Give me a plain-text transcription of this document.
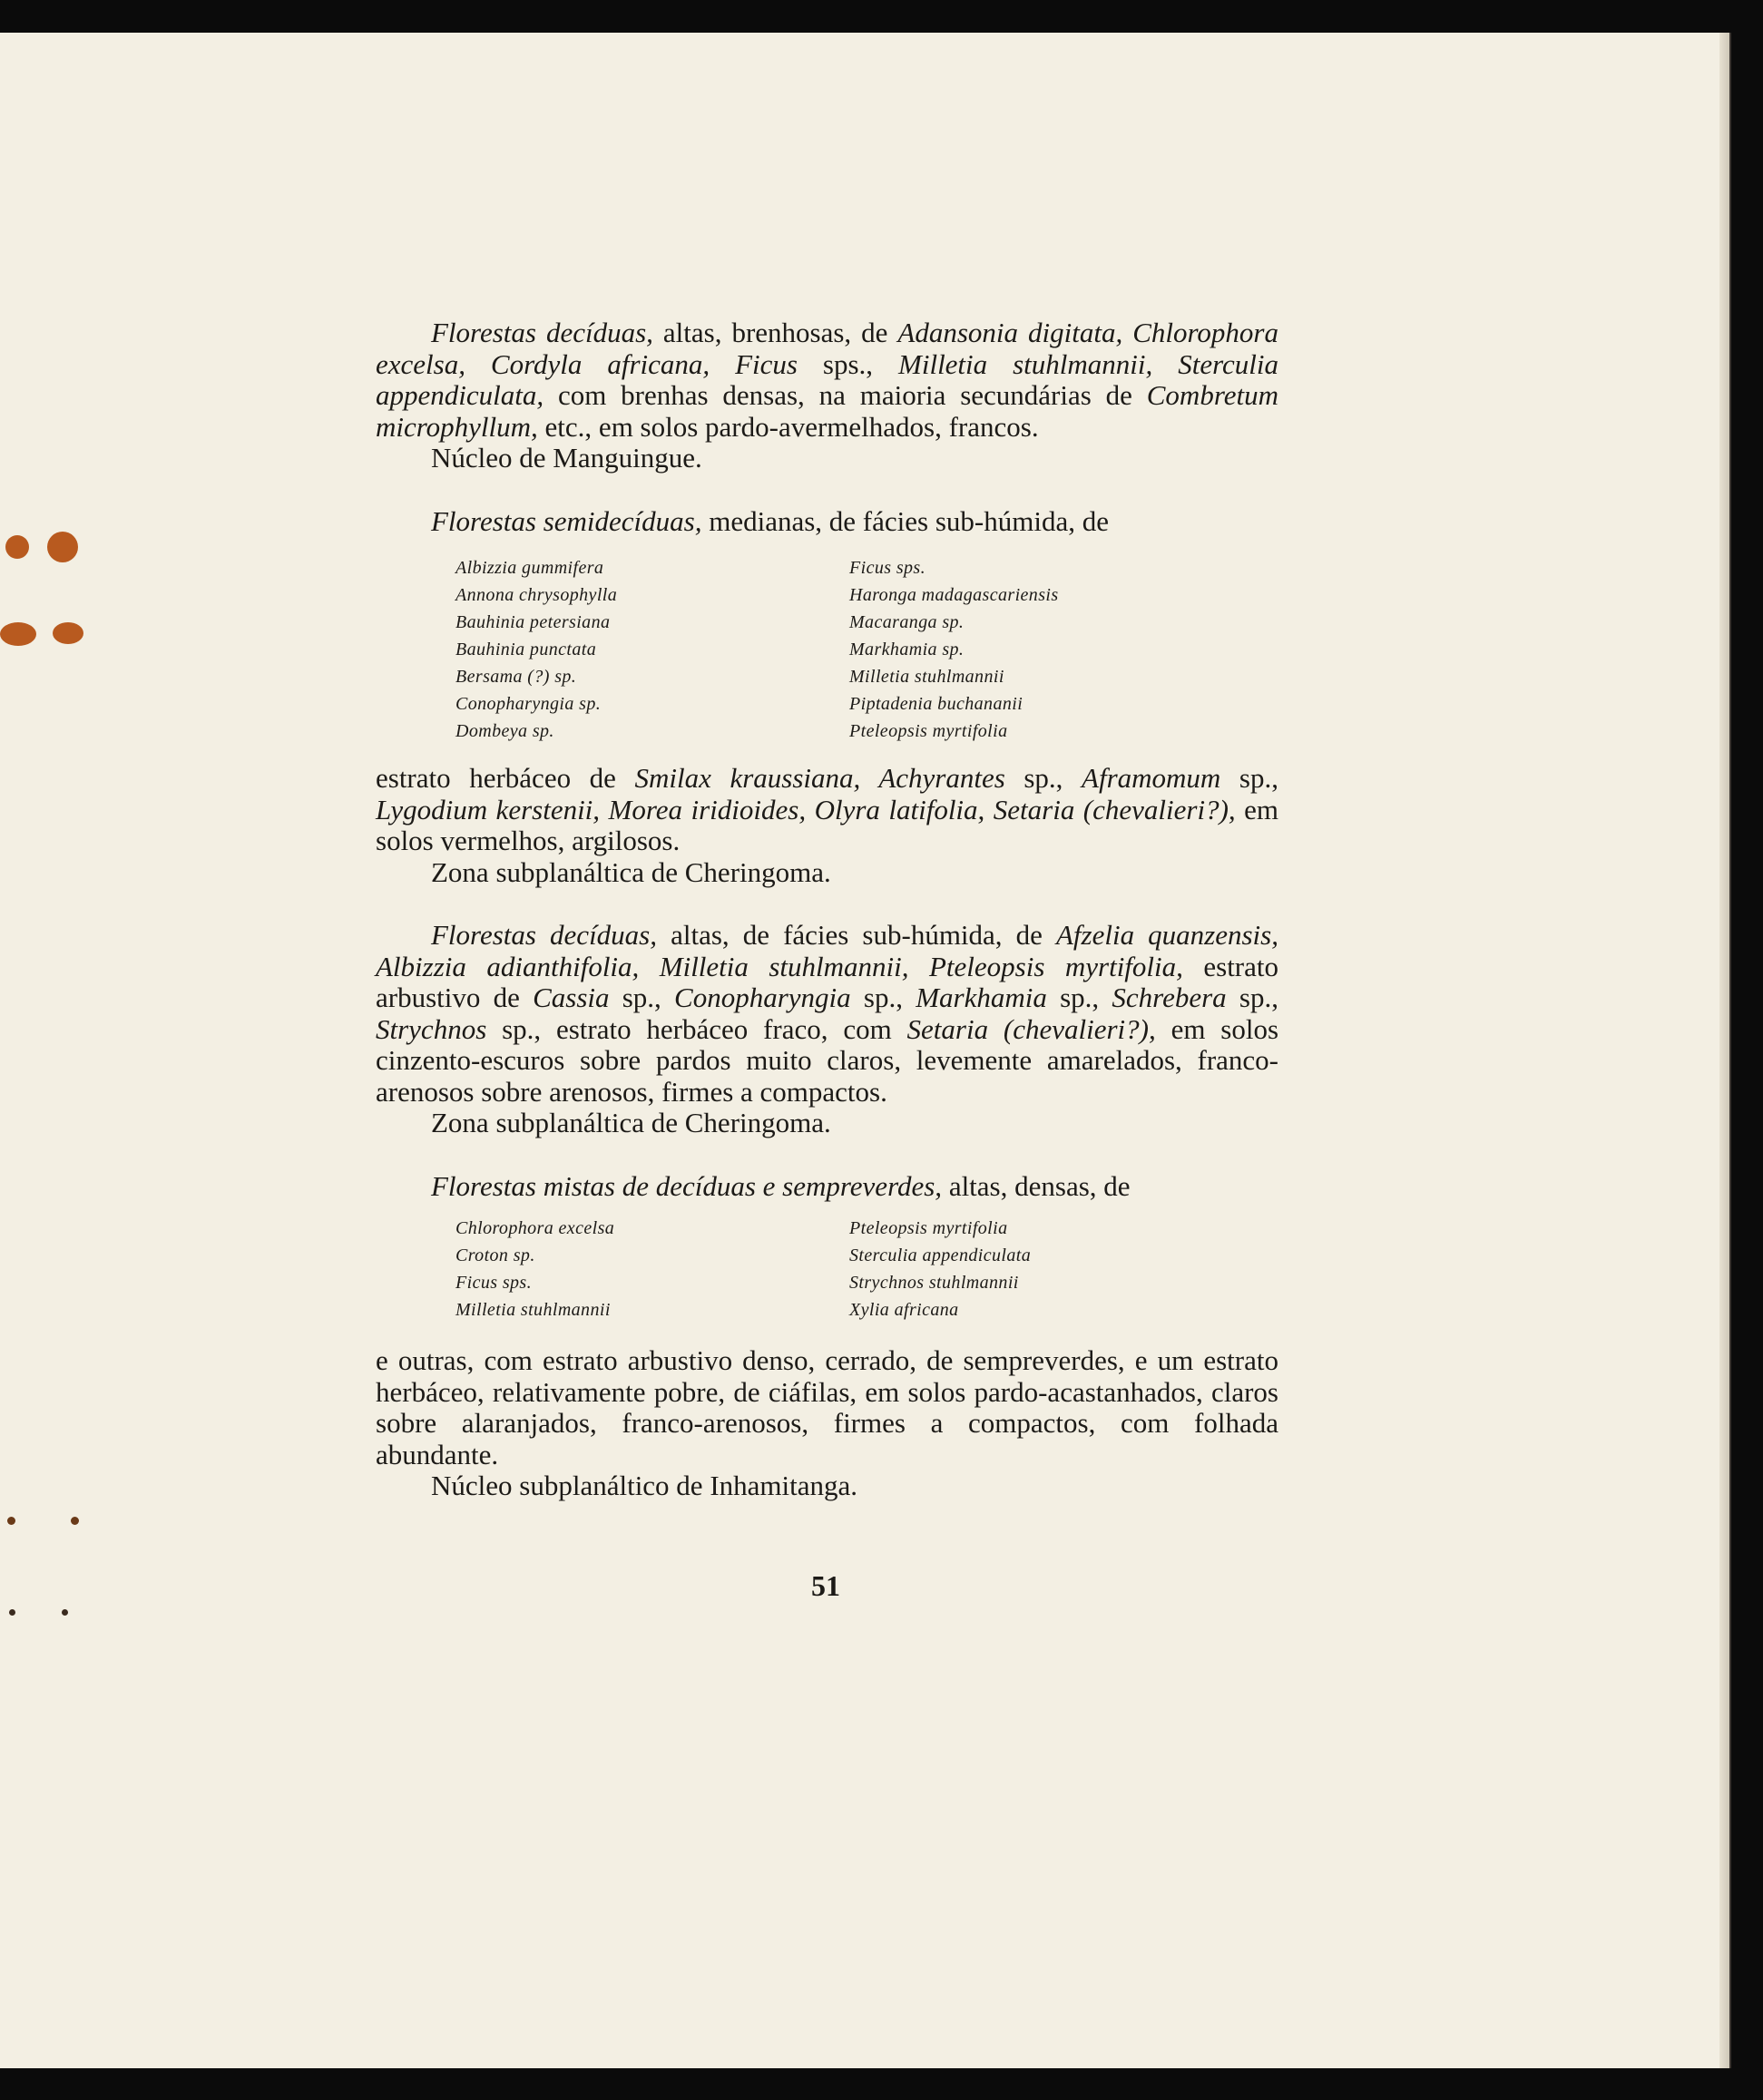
Florestas decíduas, altas, brenhosas, de Adansonia digitata, Chlorophora excelsa, Cordyla africana, Ficus sps., Milletia stuhlmannii, Sterculia appendiculata, com brenhas densas, na maioria secundárias de Combretum microphyllum, etc., em solos pardo-avermelhados, francos.

Núcleo de Manguingue.

Florestas semidecíduas, medianas, de fácies sub-húmida, de

Albizzia gummifera
Annona chrysophylla
Bauhinia petersiana
Bauhinia punctata
Bersama (?) sp.
Conopharyngia sp.
Dombeya sp.
Ficus sps.
Haronga madagascariensis
Macaranga sp.
Markhamia sp.
Milletia stuhlmannii
Piptadenia buchananii
Pteleopsis myrtifolia

estrato herbáceo de Smilax kraussiana, Achyrantes sp., Aframomum sp., Lygodium kerstenii, Morea iridioides, Olyra latifolia, Setaria (chevalieri?), em solos vermelhos, argilosos.

Zona subplanáltica de Cheringoma.

Florestas decíduas, altas, de fácies sub-húmida, de Afzelia quanzensis, Albizzia adianthifolia, Milletia stuhlmannii, Pteleopsis myrtifolia, estrato arbustivo de Cassia sp., Conopharyngia sp., Markhamia sp., Schrebera sp., Strychnos sp., estrato herbáceo fraco, com Setaria (chevalieri?), em solos cinzento-escuros sobre pardos muito claros, levemente amarelados, franco-arenosos sobre arenosos, firmes a compactos.

Zona subplanáltica de Cheringoma.

Florestas mistas de decíduas e sempreverdes, altas, densas, de

Chlorophora excelsa
Croton sp.
Ficus sps.
Milletia stuhlmannii
Pteleopsis myrtifolia
Sterculia appendiculata
Strychnos stuhlmannii
Xylia africana

e outras, com estrato arbustivo denso, cerrado, de sempreverdes, e um estrato herbáceo, relativamente pobre, de ciáfilas, em solos pardo-acastanhados, claros sobre alaranjados, franco-arenosos, firmes a compactos, com folhada abundante.

Núcleo subplanáltico de Inhamitanga.

51
